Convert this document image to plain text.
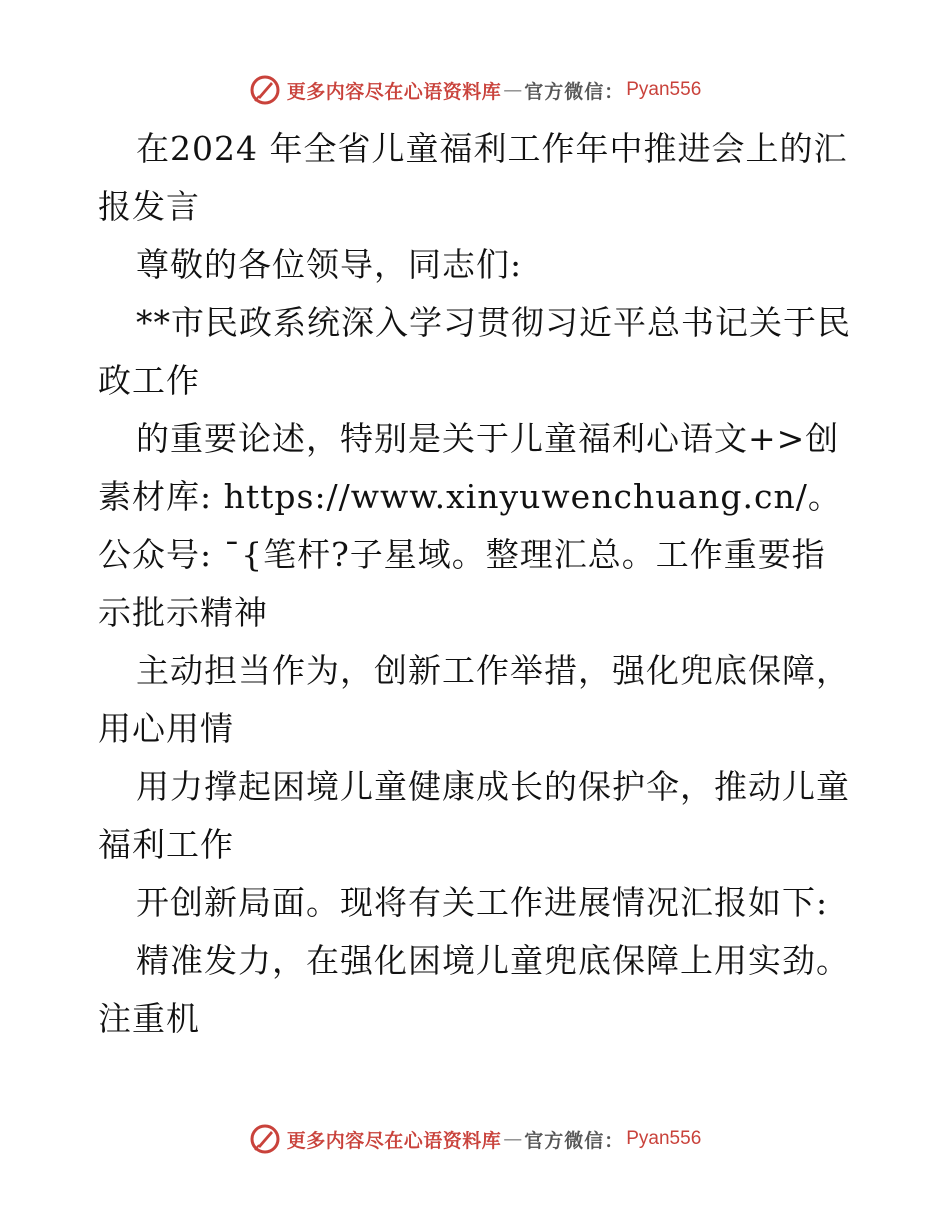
更多内容尽在心语资料库 — 官方微信： Pyan556

在2024 年全省儿童福利工作年中推进会上的汇报发言

尊敬的各位领导，同志们:

**市民政系统深入学习贯彻习近平总书记关于民政工作

的重要论述，特别是关于儿童福利心语文+>创素材库: https://www.xinyuwenchuang.cn/。公众号: ¯{笔杆?子星域。整理汇总。工作重要指示批示精神

主动担当作为，创新工作举措，强化兜底保障，用心用情

用力撑起困境儿童健康成长的保护伞，推动儿童福利工作

开创新局面。现将有关工作进展情况汇报如下:

精准发力，在强化困境儿童兜底保障上用实劲。注重机

更多内容尽在心语资料库 — 官方微信： Pyan556
